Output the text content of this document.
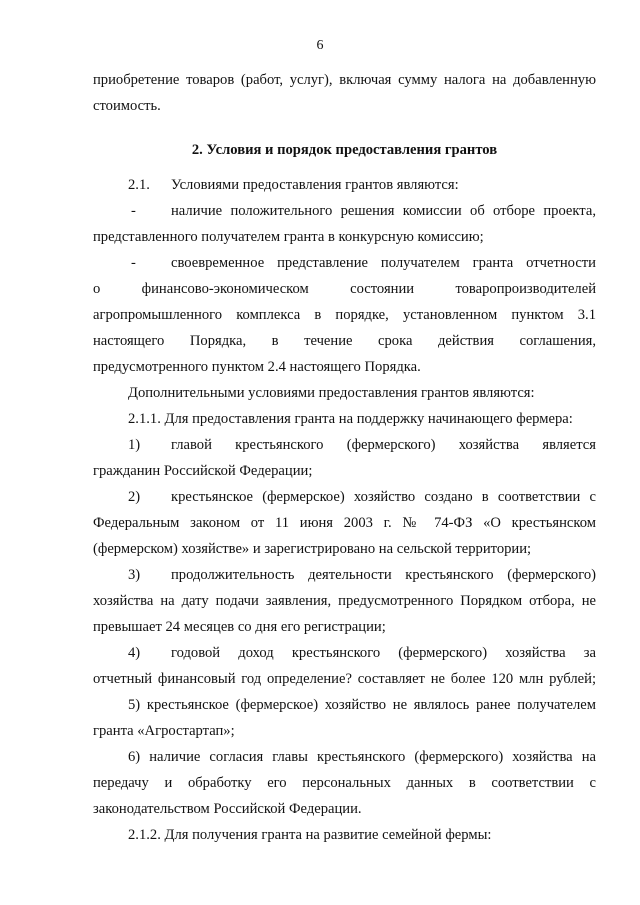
6
приобретение товаров (работ, услуг), включая сумму налога на добавленную
стоимость.
2. Условия и порядок предоставления грантов
2.1. Условиями предоставления грантов являются:
- наличие положительного решения комиссии об отборе проекта,
представленного получателем гранта в конкурсную комиссию;
- своевременное представление получателем гранта отчетности
о финансово-экономическом состоянии товаропроизводителей
агропромышленного комплекса в порядке, установленном пунктом 3.1
настоящего Порядка, в течение срока действия соглашения,
предусмотренного пунктом 2.4 настоящего Порядка.
Дополнительными условиями предоставления грантов являются:
2.1.1. Для предоставления гранта на поддержку начинающего фермера:
1) главой крестьянского (фермерского) хозяйства является
гражданин Российской Федерации;
2) крестьянское (фермерское) хозяйство создано в соответствии с
Федеральным законом от 11 июня 2003 г. № 74-ФЗ «О крестьянском
(фермерском) хозяйстве» и зарегистрировано на сельской территории;
3) продолжительность деятельности крестьянского (фермерского)
хозяйства на дату подачи заявления, предусмотренного Порядком отбора, не
превышает 24 месяцев со дня его регистрации;
4) годовой доход крестьянского (фермерского) хозяйства за
отчетный финансовый год определение? составляет не более 120 млн рублей;
5) крестьянское (фермерское) хозяйство не являлось ранее получателем
гранта «Агростартап»;
6) наличие согласия главы крестьянского (фермерского) хозяйства на
передачу и обработку его персональных данных в соответствии с
законодательством Российской Федерации.
2.1.2. Для получения гранта на развитие семейной фермы:
